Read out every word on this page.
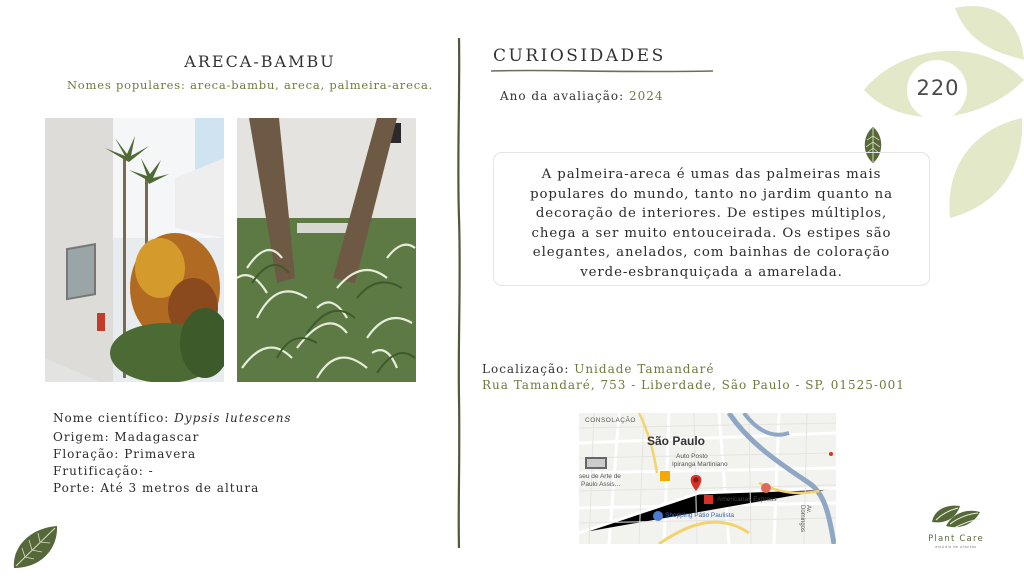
220
ARECA-BAMBU
Nomes populares: areca-bambu, areca, palmeira-areca.
Nome científico: Dypsis lutescens
Origem: Madagascar
Floração: Primavera
Frutificação: -
Porte: Até 3 metros de altura
CURIOSIDADES
Ano da avaliação: 2024
A palmeira-areca é umas das palmeiras mais populares do mundo, tanto no jardim quanto na decoração de interiores. De estipes múltiplos, chega a ser muito entouceirada. Os estipes são elegantes, anelados, com bainhas de coloração verde-esbranquiçada a amarelada.
Localização: Unidade Tamandaré
Rua Tamandaré, 753 - Liberdade, São Paulo - SP, 01525-001
CONSOLAÇÃO
São Paulo
Auto Posto
Ipiranga Martiniano
seu de Arte de
Paulo Assis...
Americanas Express
Shopping Pátio Paulista
Av. Domingos
Plant Care
estúdio de plantas
